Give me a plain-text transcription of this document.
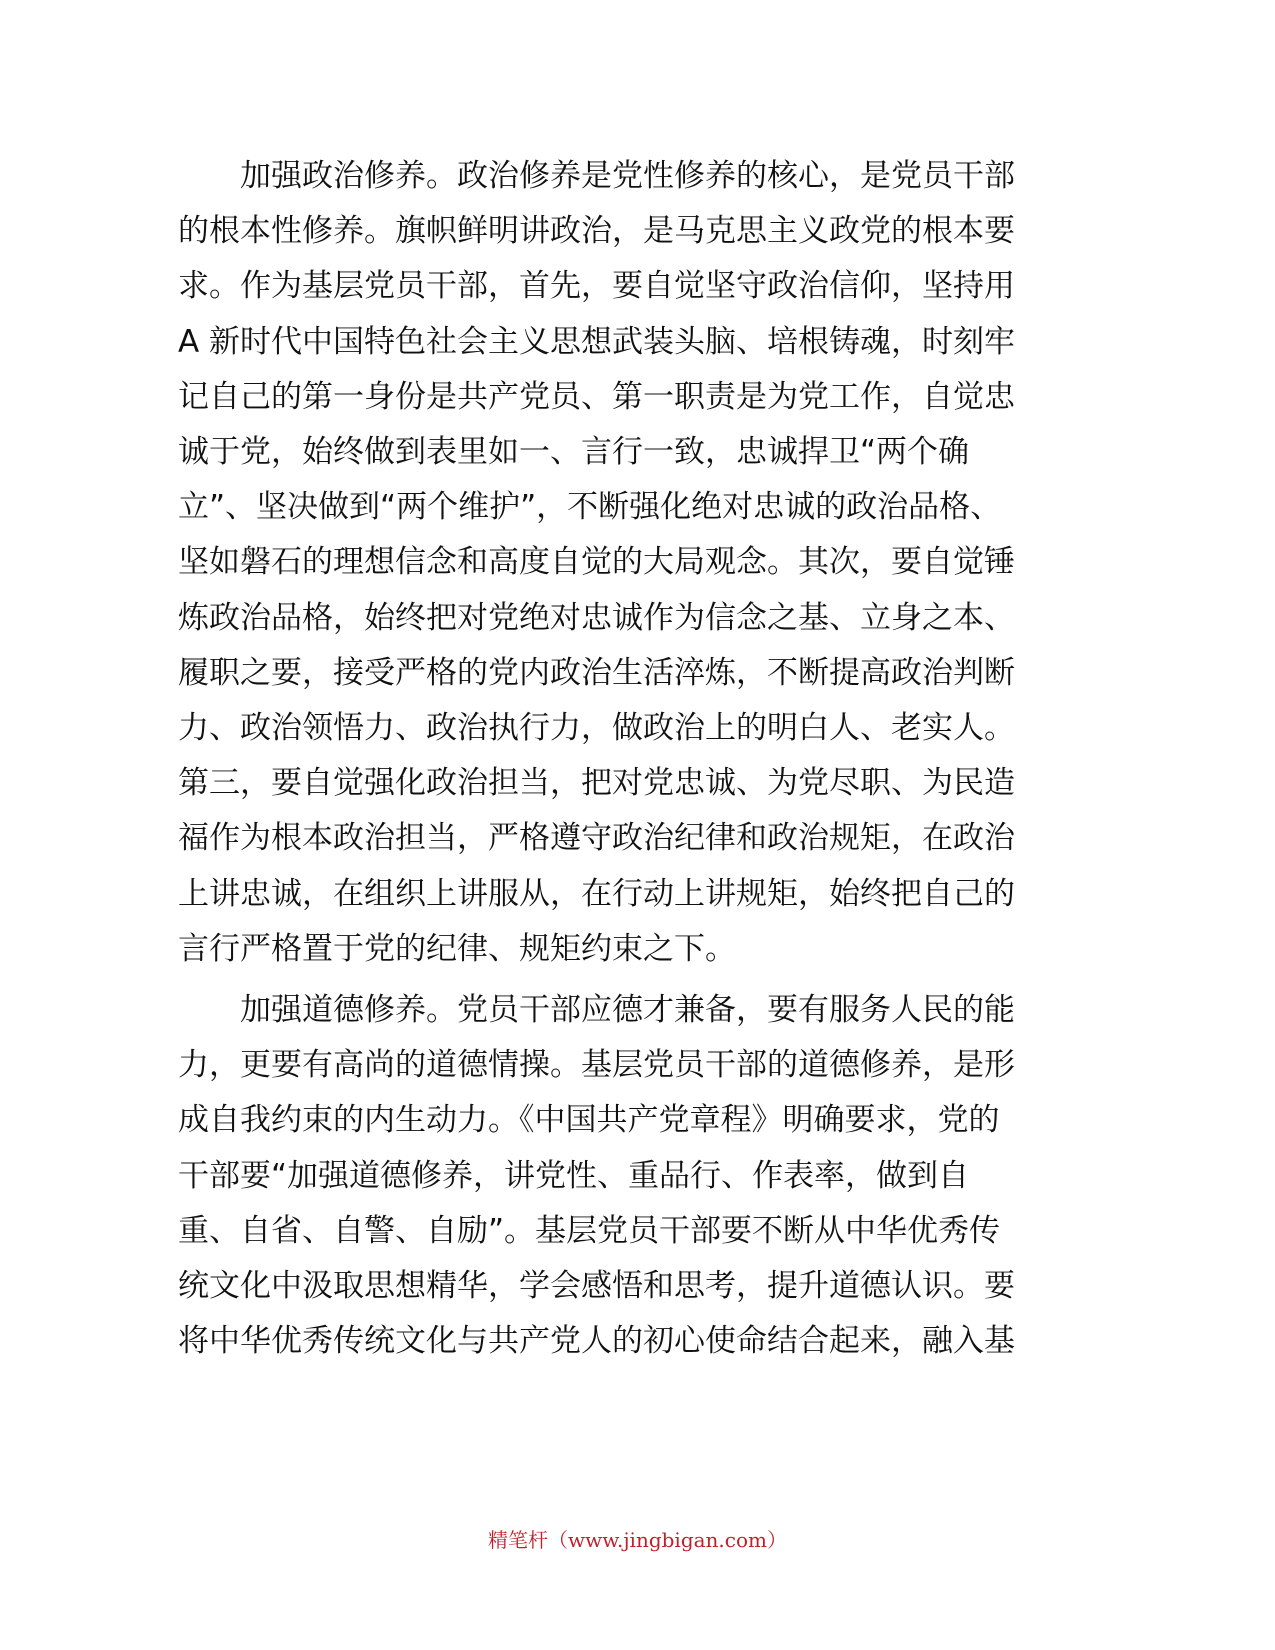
加强政治修养。政治修养是党性修养的核心，是党员干部
的根本性修养。旗帜鲜明讲政治，是马克思主义政党的根本要
求。作为基层党员干部，首先，要自觉坚守政治信仰，坚持用
A 新时代中国特色社会主义思想武装头脑、培根铸魂，时刻牢
记自己的第一身份是共产党员、第一职责是为党工作，自觉忠
诚于党，始终做到表里如一、言行一致，忠诚捍卫“两个确
立”、坚决做到“两个维护”，不断强化绝对忠诚的政治品格、
坚如磐石的理想信念和高度自觉的大局观念。其次，要自觉锤
炼政治品格，始终把对党绝对忠诚作为信念之基、立身之本、
履职之要，接受严格的党内政治生活淬炼，不断提高政治判断
力、政治领悟力、政治执行力，做政治上的明白人、老实人。
第三，要自觉强化政治担当，把对党忠诚、为党尽职、为民造
福作为根本政治担当，严格遵守政治纪律和政治规矩，在政治
上讲忠诚，在组织上讲服从，在行动上讲规矩，始终把自己的
言行严格置于党的纪律、规矩约束之下。

加强道德修养。党员干部应德才兼备，要有服务人民的能
力，更要有高尚的道德情操。基层党员干部的道德修养，是形
成自我约束的内生动力。《中国共产党章程》明确要求，党的
干部要“加强道德修养，讲党性、重品行、作表率，做到自
重、自省、自警、自励”。基层党员干部要不断从中华优秀传
统文化中汲取思想精华，学会感悟和思考，提升道德认识。要
将中华优秀传统文化与共产党人的初心使命结合起来，融入基

精笔杆（www.jingbigan.com）
